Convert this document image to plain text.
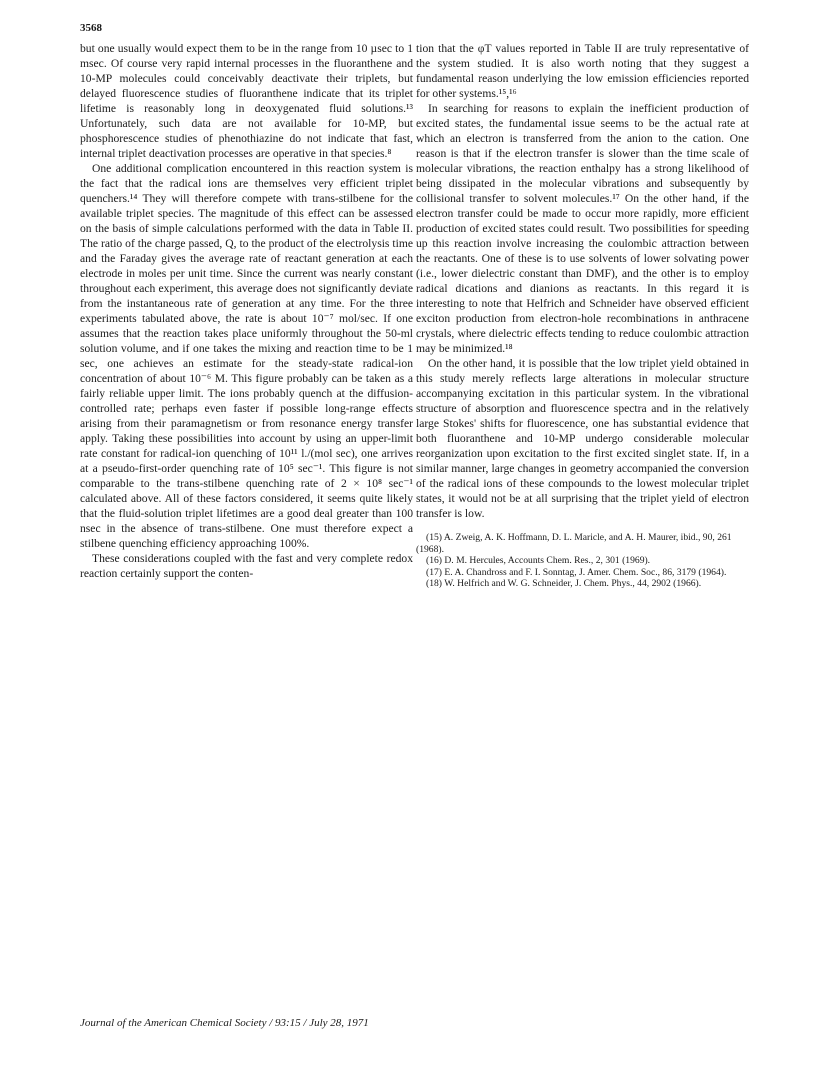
3568

but one usually would expect them to be in the range from 10 µsec to 1 msec. Of course very rapid internal processes in the fluoranthene and 10-MP molecules could conceivably deactivate their triplets, but delayed fluorescence studies of fluoranthene indicate that its triplet lifetime is reasonably long in deoxygenated fluid solutions.¹³ Unfortunately, such data are not available for 10-MP, but phosphorescence studies of phenothiazine do not indicate that fast, internal triplet deactivation processes are operative in that species.⁸

One additional complication encountered in this reaction system is the fact that the radical ions are themselves very efficient triplet quenchers.¹⁴ They will therefore compete with trans-stilbene for the available triplet species. The magnitude of this effect can be assessed on the basis of simple calculations performed with the data in Table II. The ratio of the charge passed, Q, to the product of the electrolysis time and the Faraday gives the average rate of reactant generation at each electrode in moles per unit time. Since the current was nearly constant throughout each experiment, this average does not significantly deviate from the instantaneous rate of generation at any time. For the three experiments tabulated above, the rate is about 10⁻⁷ mol/sec. If one assumes that the reaction takes place uniformly throughout the 50-ml solution volume, and if one takes the mixing and reaction time to be 1 sec, one achieves an estimate for the steady-state radical-ion concentration of about 10⁻⁶ M. This figure probably can be taken as a fairly reliable upper limit. The ions probably quench at the diffusion-controlled rate; perhaps even faster if possible long-range effects arising from their paramagnetism or from resonance energy transfer apply. Taking these possibilities into account by using an upper-limit rate constant for radical-ion quenching of 10¹¹ l./(mol sec), one arrives at a pseudo-first-order quenching rate of 10⁵ sec⁻¹. This figure is not comparable to the trans-stilbene quenching rate of 2 × 10⁸ sec⁻¹ calculated above. All of these factors considered, it seems quite likely that the fluid-solution triplet lifetimes are a good deal greater than 100 nsec in the absence of trans-stilbene. One must therefore expect a stilbene quenching efficiency approaching 100%.

These considerations coupled with the fast and very complete redox reaction certainly support the conten-

tion that the φT values reported in Table II are truly representative of the system studied. It is also worth noting that they suggest a fundamental reason underlying the low emission efficiencies reported for other systems.¹⁵,¹⁶

In searching for reasons to explain the inefficient production of excited states, the fundamental issue seems to be the actual rate at which an electron is transferred from the anion to the cation. One reason is that if the electron transfer is slower than the time scale of molecular vibrations, the reaction enthalpy has a strong likelihood of being dissipated in the molecular vibrations and subsequently by collisional transfer to solvent molecules.¹⁷ On the other hand, if the electron transfer could be made to occur more rapidly, more efficient production of excited states could result. Two possibilities for speeding up this reaction involve increasing the coulombic attraction between the reactants. One of these is to use solvents of lower solvating power (i.e., lower dielectric constant than DMF), and the other is to employ radical dications and dianions as reactants. In this regard it is interesting to note that Helfrich and Schneider have observed efficient exciton production from electron-hole recombinations in anthracene crystals, where dielectric effects tending to reduce coulombic attraction may be minimized.¹⁸

On the other hand, it is possible that the low triplet yield obtained in this study merely reflects large alterations in molecular structure accompanying excitation in this particular system. In the vibrational structure of absorption and fluorescence spectra and in the relatively large Stokes' shifts for fluorescence, one has substantial evidence that both fluoranthene and 10-MP undergo considerable molecular reorganization upon excitation to the first excited singlet state. If, in a similar manner, large changes in geometry accompanied the conversion of the radical ions of these compounds to the lowest molecular triplet states, it would not be at all surprising that the triplet yield of electron transfer is low.

(15) A. Zweig, A. K. Hoffmann, D. L. Maricle, and A. H. Maurer, ibid., 90, 261 (1968).

(16) D. M. Hercules, Accounts Chem. Res., 2, 301 (1969).

(17) E. A. Chandross and F. I. Sonntag, J. Amer. Chem. Soc., 86, 3179 (1964).

(18) W. Helfrich and W. G. Schneider, J. Chem. Phys., 44, 2902 (1966).

Journal of the American Chemical Society / 93:15 / July 28, 1971
